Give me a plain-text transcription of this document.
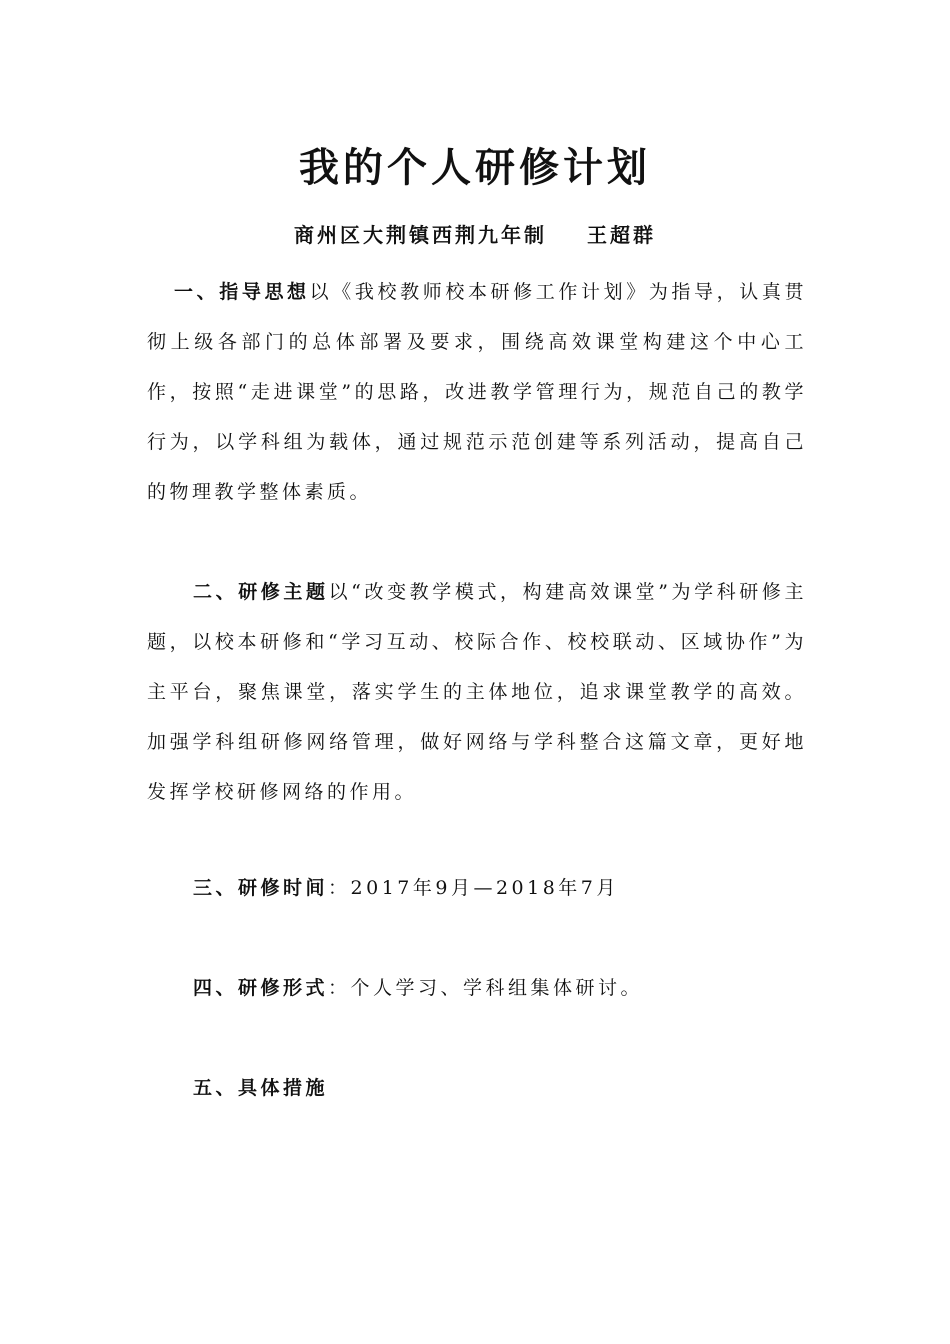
我的个人研修计划
商州区大荆镇西荆九年制 王超群

一、指导思想以《我校教师校本研修工作计划》为指导，认真贯彻上级各部门的总体部署及要求，围绕高效课堂构建这个中心工作，按照“走进课堂”的思路，改进教学管理行为，规范自己的教学行为，以学科组为载体，通过规范示范创建等系列活动，提高自己的物理教学整体素质。

二、研修主题以“改变教学模式，构建高效课堂”为学科研修主题，以校本研修和“学习互动、校际合作、校校联动、区域协作”为主平台，聚焦课堂，落实学生的主体地位，追求课堂教学的高效。加强学科组研修网络管理，做好网络与学科整合这篇文章，更好地发挥学校研修网络的作用。

三、研修时间：2017年9月—2018年7月

四、研修形式：个人学习、学科组集体研讨。

五、具体措施
